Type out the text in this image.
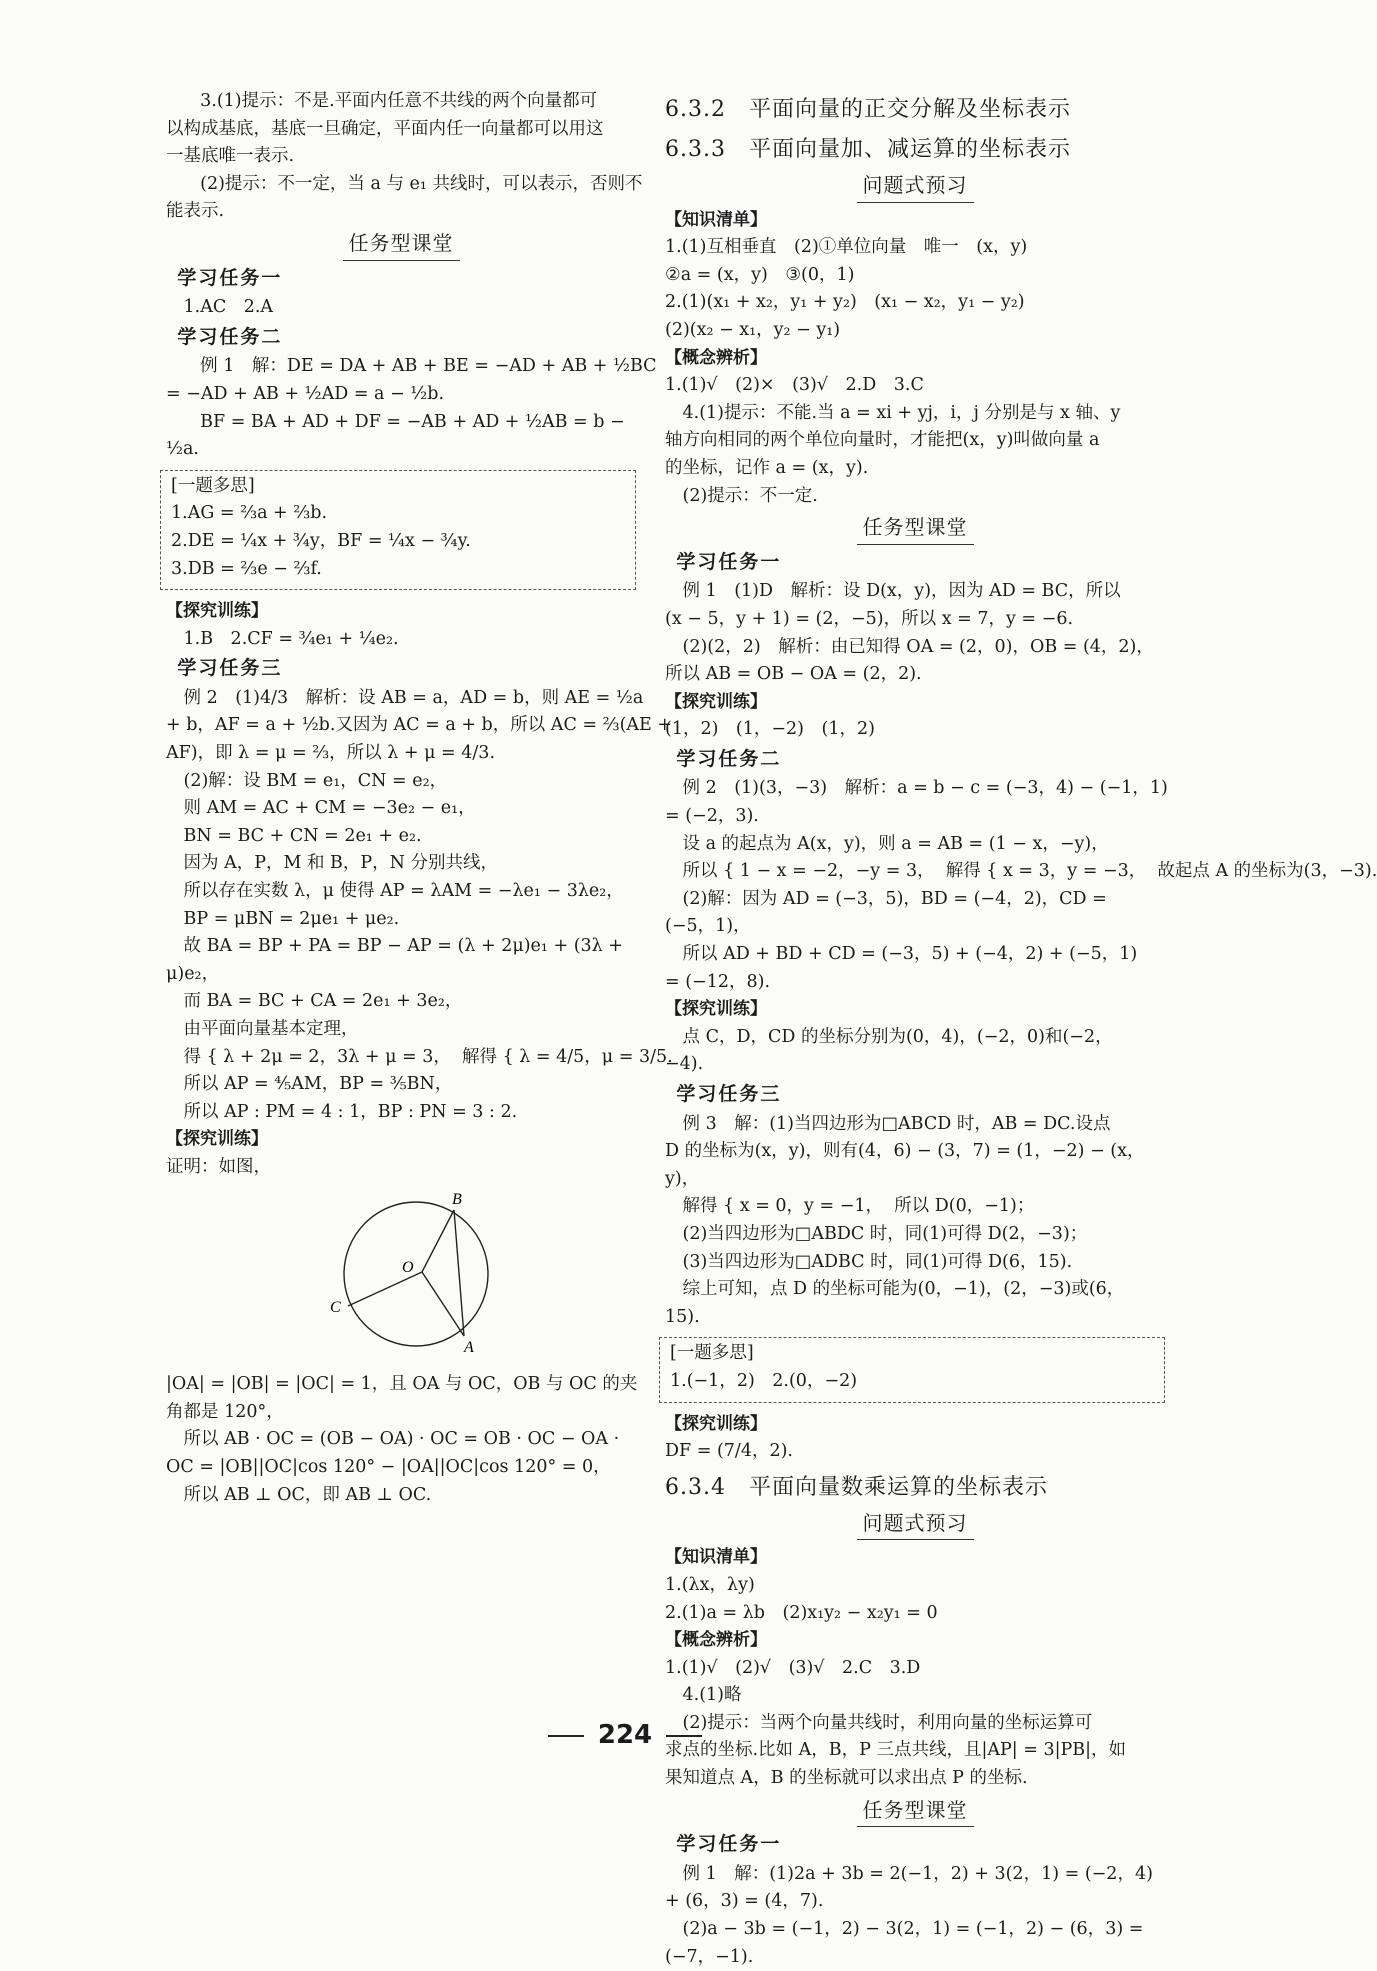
3.(1)提示：不是.平面内任意不共线的两个向量都可
以构成基底，基底一旦确定，平面内任一向量都可以用这
一基底唯一表示.
(2)提示：不一定，当 a 与 e₁ 共线时，可以表示，否则不
能表示.
任务型课堂
学习任务一
1.AC　2.A
学习任务二
例 1　解：DE = DA + AB + BE = −AD + AB + ½BC
= −AD + AB + ½AD = a − ½b.
BF = BA + AD + DF = −AB + AD + ½AB = b −
½a.
[一题多思]
1.AG = ⅔a + ⅔b.
2.DE = ¼x + ¾y，BF = ¼x − ¾y.
3.DB = ⅔e − ⅔f.
【探究训练】
1.B　2.CF = ¾e₁ + ¼e₂.
学习任务三
例 2　(1)4/3　解析：设 AB = a，AD = b，则 AE = ½a
+ b，AF = a + ½b.又因为 AC = a + b，所以 AC = ⅔(AE +
AF)，即 λ = μ = ⅔，所以 λ + μ = 4/3.
(2)解：设 BM = e₁，CN = e₂，
则 AM = AC + CM = −3e₂ − e₁，
BN = BC + CN = 2e₁ + e₂.
因为 A，P，M 和 B，P，N 分别共线，
所以存在实数 λ，μ 使得 AP = λAM = −λe₁ − 3λe₂，
BP = μBN = 2μe₁ + μe₂.
故 BA = BP + PA = BP − AP = (λ + 2μ)e₁ + (3λ +
μ)e₂，
而 BA = BC + CA = 2e₁ + 3e₂，
由平面向量基本定理，
得 { λ + 2μ = 2，3λ + μ = 3，  解得 { λ = 4/5，μ = 3/5.
所以 AP = ⅘AM，BP = ⅗BN，
所以 AP : PM = 4 : 1，BP : PN = 3 : 2.
【探究训练】
证明：如图，
B
O
C
A
|OA| = |OB| = |OC| = 1，且 OA 与 OC，OB 与 OC 的夹
角都是 120°，
所以 AB · OC = (OB − OA) · OC = OB · OC − OA ·
OC = |OB||OC|cos 120° − |OA||OC|cos 120° = 0，
所以 AB ⊥ OC，即 AB ⊥ OC.
6.3.2　平面向量的正交分解及坐标表示
6.3.3　平面向量加、减运算的坐标表示
问题式预习
【知识清单】
1.(1)互相垂直　(2)①单位向量　唯一　(x，y)
②a = (x，y)　③(0，1)
2.(1)(x₁ + x₂，y₁ + y₂)　(x₁ − x₂，y₁ − y₂)
(2)(x₂ − x₁，y₂ − y₁)
【概念辨析】
1.(1)√　(2)×　(3)√　2.D　3.C
4.(1)提示：不能.当 a = xi + yj，i，j 分别是与 x 轴、y
轴方向相同的两个单位向量时，才能把(x，y)叫做向量 a
的坐标，记作 a = (x，y).
(2)提示：不一定.
任务型课堂
学习任务一
例 1　(1)D　解析：设 D(x，y)，因为 AD = BC，所以
(x − 5，y + 1) = (2，−5)，所以 x = 7，y = −6.
(2)(2，2)　解析：由已知得 OA = (2，0)，OB = (4，2)，
所以 AB = OB − OA = (2，2).
【探究训练】
(1，2)　(1，−2)　(1，2)
学习任务二
例 2　(1)(3，−3)　解析：a = b − c = (−3，4) − (−1，1)
= (−2，3).
设 a 的起点为 A(x，y)，则 a = AB = (1 − x，−y)，
所以 { 1 − x = −2，−y = 3，  解得 { x = 3，y = −3，  故起点 A 的坐标为(3，−3).
(2)解：因为 AD = (−3，5)，BD = (−4，2)，CD =
(−5，1)，
所以 AD + BD + CD = (−3，5) + (−4，2) + (−5，1)
= (−12，8).
【探究训练】
点 C，D，CD 的坐标分别为(0，4)，(−2，0)和(−2，
−4).
学习任务三
例 3　解：(1)当四边形为□ABCD 时，AB = DC.设点
D 的坐标为(x，y)，则有(4，6) − (3，7) = (1，−2) − (x，
y)，
解得 { x = 0，y = −1，  所以 D(0，−1)；
(2)当四边形为□ABDC 时，同(1)可得 D(2，−3)；
(3)当四边形为□ADBC 时，同(1)可得 D(6，15).
综上可知，点 D 的坐标可能为(0，−1)，(2，−3)或(6，
15).
[一题多思]
1.(−1，2)　2.(0，−2)
【探究训练】
DF = (7/4，2).
6.3.4　平面向量数乘运算的坐标表示
问题式预习
【知识清单】
1.(λx，λy)
2.(1)a = λb　(2)x₁y₂ − x₂y₁ = 0
【概念辨析】
1.(1)√　(2)√　(3)√　2.C　3.D
4.(1)略
(2)提示：当两个向量共线时，利用向量的坐标运算可
求点的坐标.比如 A，B，P 三点共线，且|AP| = 3|PB|，如
果知道点 A，B 的坐标就可以求出点 P 的坐标.
任务型课堂
学习任务一
例 1　解：(1)2a + 3b = 2(−1，2) + 3(2，1) = (−2，4)
+ (6，3) = (4，7).
(2)a − 3b = (−1，2) − 3(2，1) = (−1，2) − (6，3) =
(−7，−1).
224
